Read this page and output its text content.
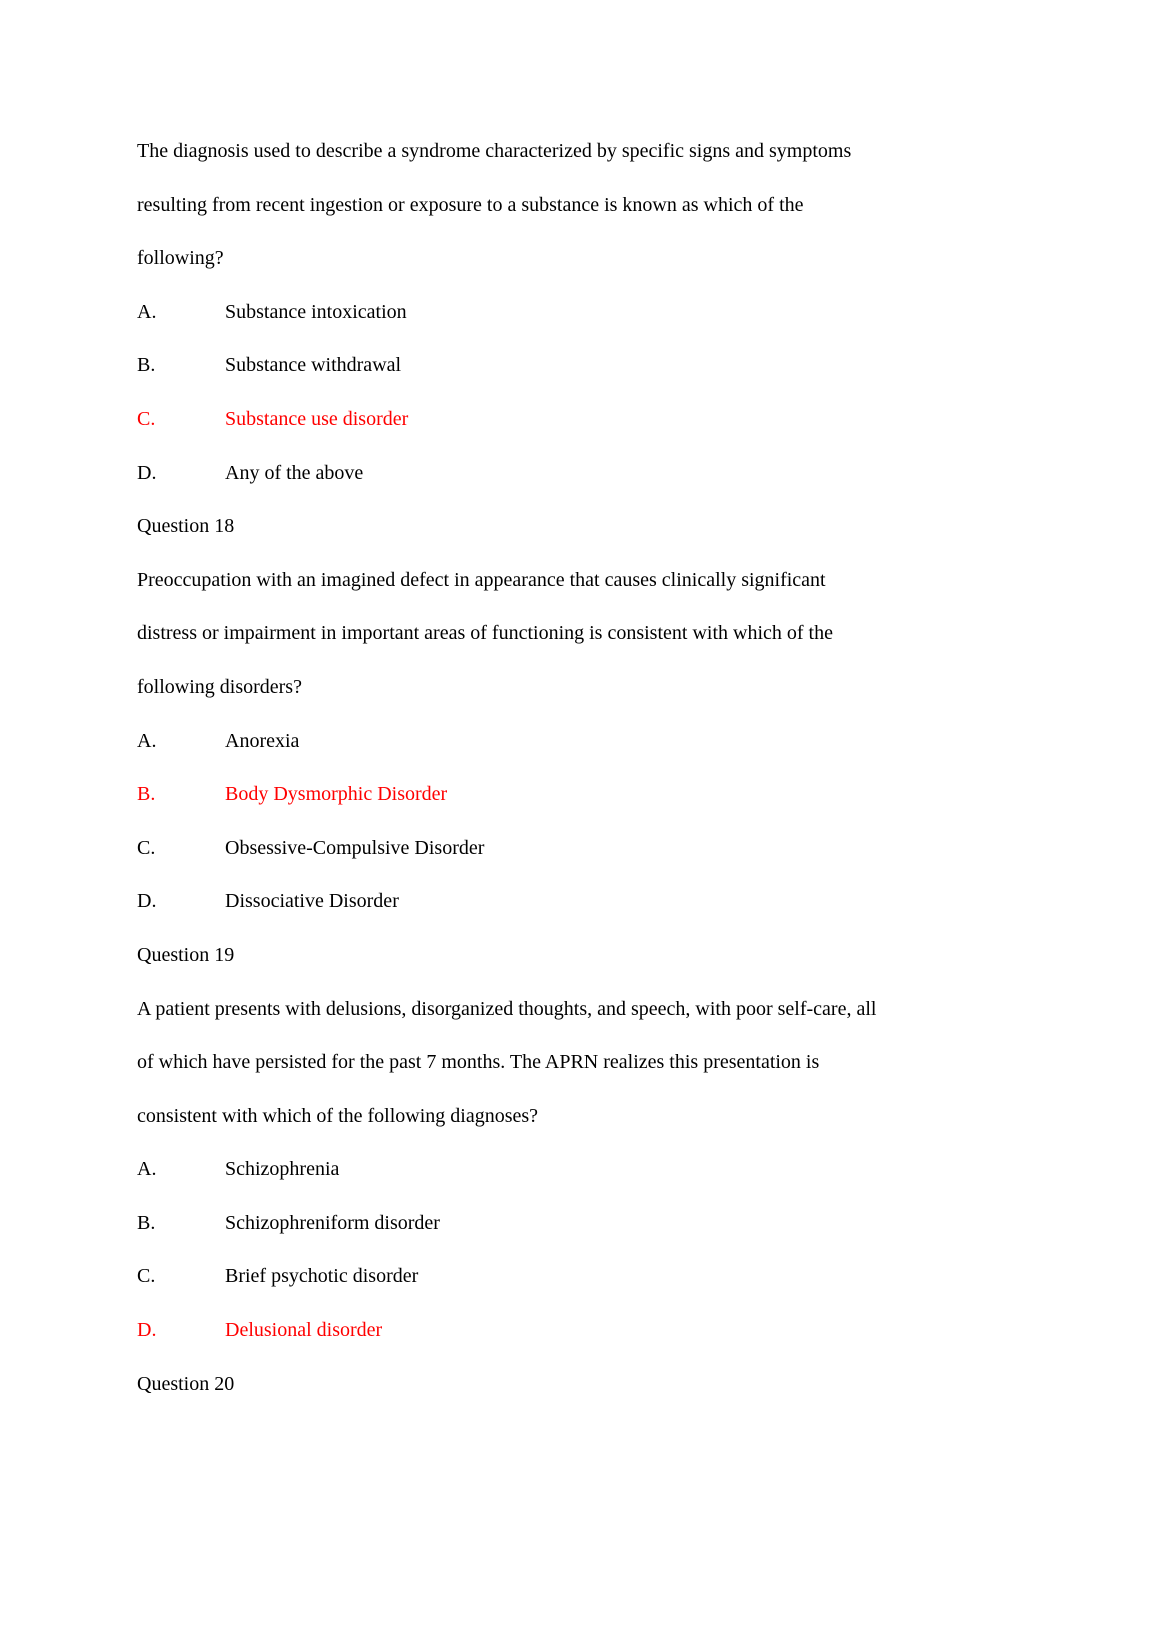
The diagnosis used to describe a syndrome characterized by specific signs and symptoms
resulting from recent ingestion or exposure to a substance is known as which of the
following?
A.	Substance intoxication
B.	Substance withdrawal
C.	Substance use disorder
D.	Any of the above
Question 18
Preoccupation with an imagined defect in appearance that causes clinically significant
distress or impairment in important areas of functioning is consistent with which of the
following disorders?
A.	Anorexia
B.	Body Dysmorphic Disorder
C.	Obsessive-Compulsive Disorder
D.	Dissociative Disorder
Question 19
A patient presents with delusions, disorganized thoughts, and speech, with poor self-care, all
of which have persisted for the past 7 months. The APRN realizes this presentation is
consistent with which of the following diagnoses?
A.	Schizophrenia
B.	Schizophreniform disorder
C.	Brief psychotic disorder
D.	Delusional disorder
Question 20
